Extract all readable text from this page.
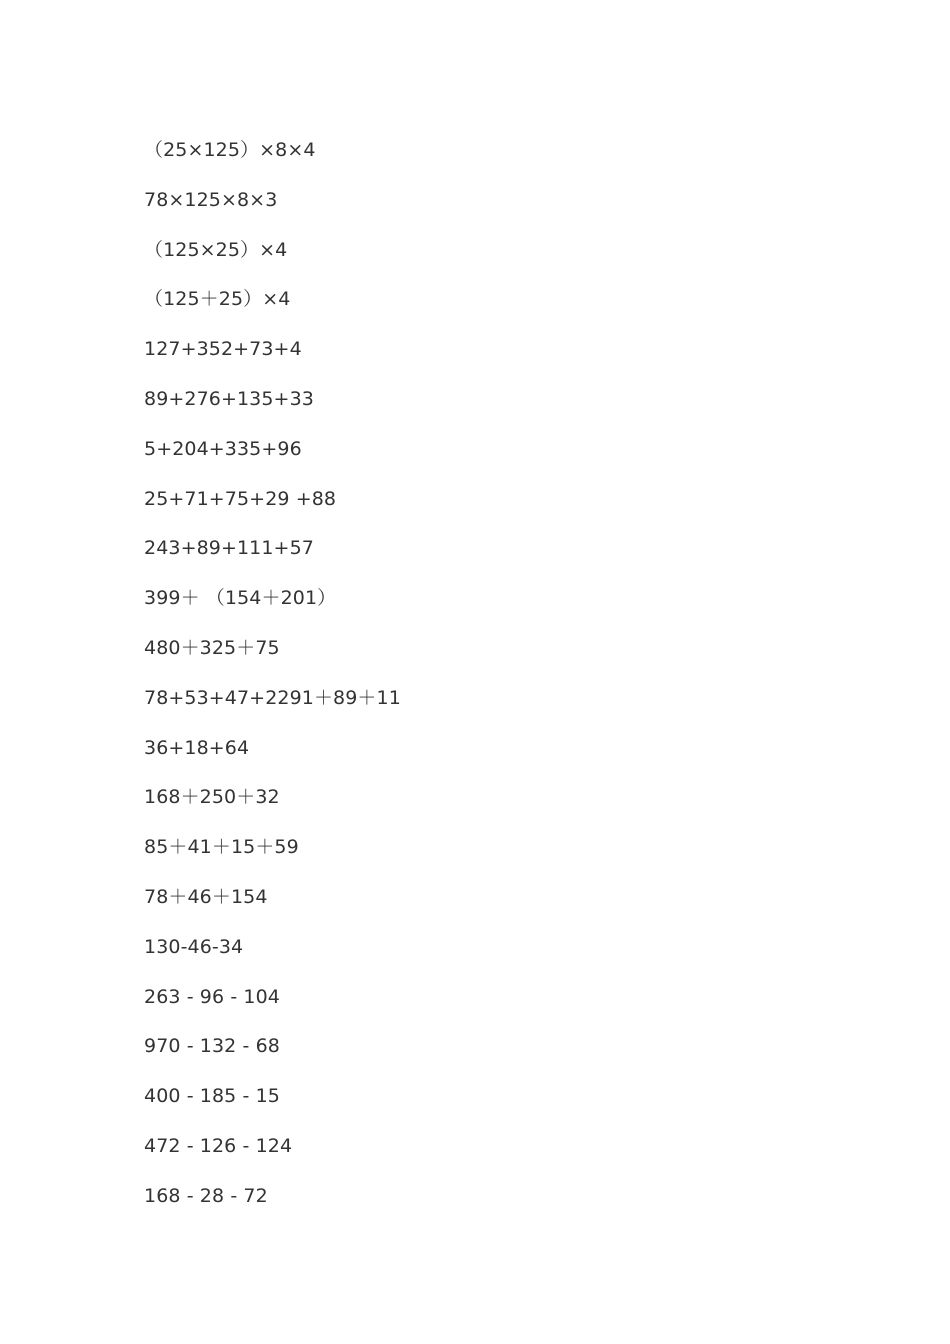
（25×125）×8×4
78×125×8×3
（125×25）×4
（125＋25）×4
127+352+73+4
89+276+135+33
5+204+335+96
25+71+75+29 +88
243+89+111+57
399＋ （154＋201）
480＋325＋75
78+53+47+2291＋89＋11
36+18+64
168＋250＋32
85＋41＋15＋59
78＋46＋154
130-46-34
263 - 96 - 104
970 - 132 - 68
400 - 185 - 15
472 - 126 - 124
168 - 28 - 72
